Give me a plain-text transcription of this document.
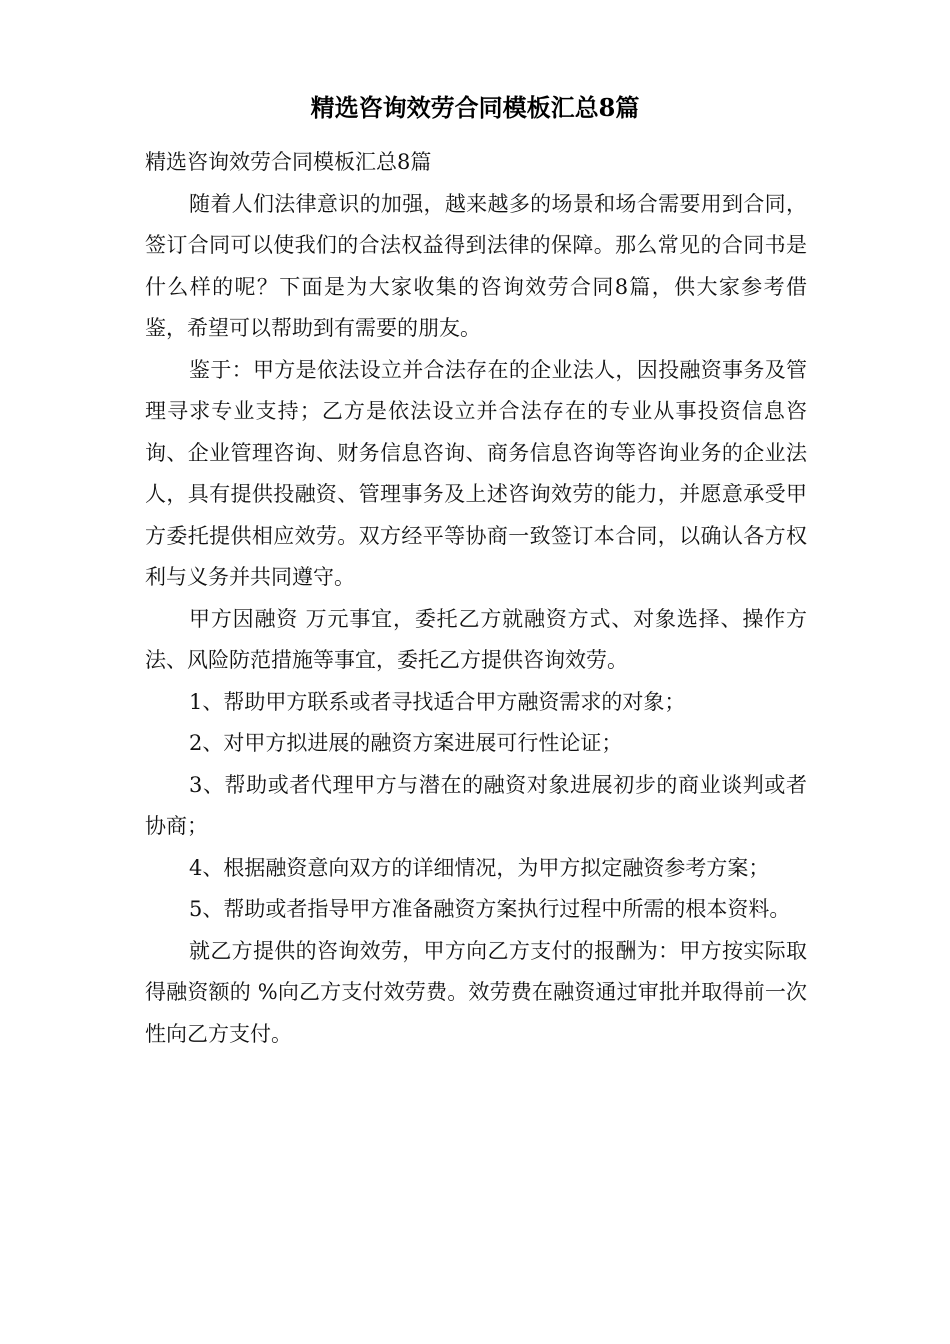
精选咨询效劳合同模板汇总8篇

精选咨询效劳合同模板汇总8篇

随着人们法律意识的加强，越来越多的场景和场合需要用到合同，签订合同可以使我们的合法权益得到法律的保障。那么常见的合同书是什么样的呢？下面是为大家收集的咨询效劳合同8篇，供大家参考借鉴，希望可以帮助到有需要的朋友。

鉴于：甲方是依法设立并合法存在的企业法人，因投融资事务及管理寻求专业支持；乙方是依法设立并合法存在的专业从事投资信息咨询、企业管理咨询、财务信息咨询、商务信息咨询等咨询业务的企业法人，具有提供投融资、管理事务及上述咨询效劳的能力，并愿意承受甲方委托提供相应效劳。双方经平等协商一致签订本合同，以确认各方权利与义务并共同遵守。

甲方因融资 万元事宜，委托乙方就融资方式、对象选择、操作方法、风险防范措施等事宜，委托乙方提供咨询效劳。

1、帮助甲方联系或者寻找适合甲方融资需求的对象；

2、对甲方拟进展的融资方案进展可行性论证；

3、帮助或者代理甲方与潜在的融资对象进展初步的商业谈判或者协商；

4、根据融资意向双方的详细情况，为甲方拟定融资参考方案；

5、帮助或者指导甲方准备融资方案执行过程中所需的根本资料。

就乙方提供的咨询效劳，甲方向乙方支付的报酬为：甲方按实际取得融资额的 %向乙方支付效劳费。效劳费在融资通过审批并取得前一次性向乙方支付。
